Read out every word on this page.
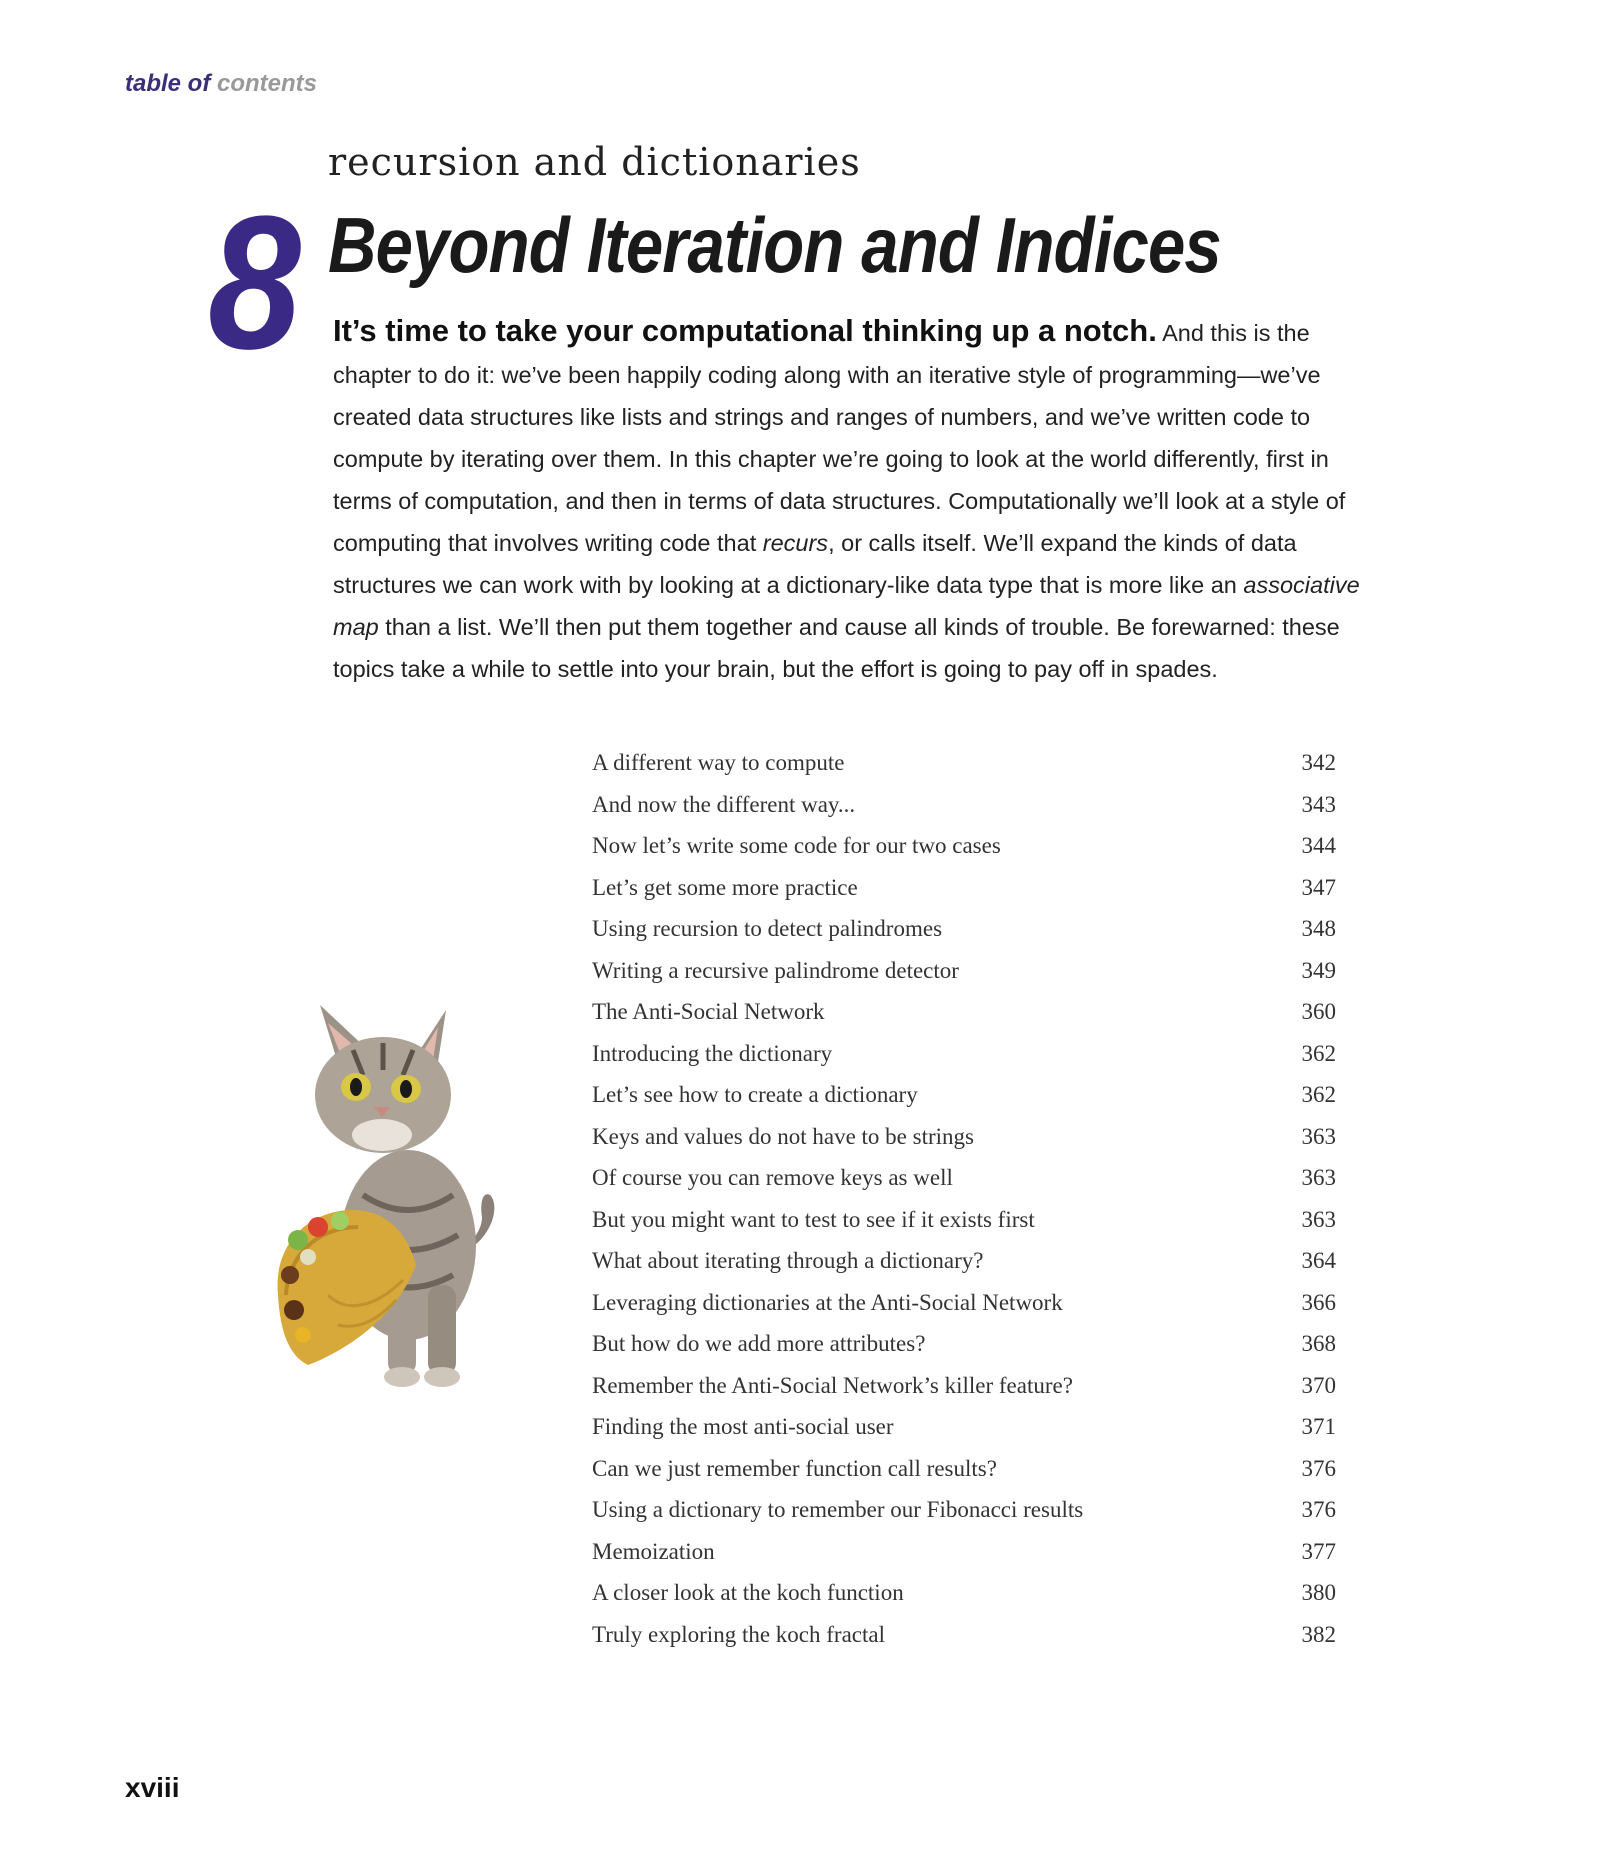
table of contents
recursion and dictionaries
8 Beyond Iteration and Indices
It’s time to take your computational thinking up a notch. And this is the chapter to do it: we’ve been happily coding along with an iterative style of programming—we’ve created data structures like lists and strings and ranges of numbers, and we’ve written code to compute by iterating over them. In this chapter we’re going to look at the world differently, first in terms of computation, and then in terms of data structures. Computationally we’ll look at a style of computing that involves writing code that recurs, or calls itself. We’ll expand the kinds of data structures we can work with by looking at a dictionary-like data type that is more like an associative map than a list. We’ll then put them together and cause all kinds of trouble. Be forewarned: these topics take a while to settle into your brain, but the effort is going to pay off in spades.
A different way to compute	342
And now the different way...	343
Now let’s write some code for our two cases	344
Let’s get some more practice	347
Using recursion to detect palindromes	348
Writing a recursive palindrome detector	349
The Anti-Social Network	360
Introducing the dictionary	362
Let’s see how to create a dictionary	362
Keys and values do not have to be strings	363
Of course you can remove keys as well	363
But you might want to test to see if it exists first	363
What about iterating through a dictionary?	364
Leveraging dictionaries at the Anti-Social Network	366
But how do we add more attributes?	368
Remember the Anti-Social Network’s killer feature?	370
Finding the most anti-social user	371
Can we just remember function call results?	376
Using a dictionary to remember our Fibonacci results	376
Memoization	377
A closer look at the koch function	380
Truly exploring the koch fractal	382
xviii
